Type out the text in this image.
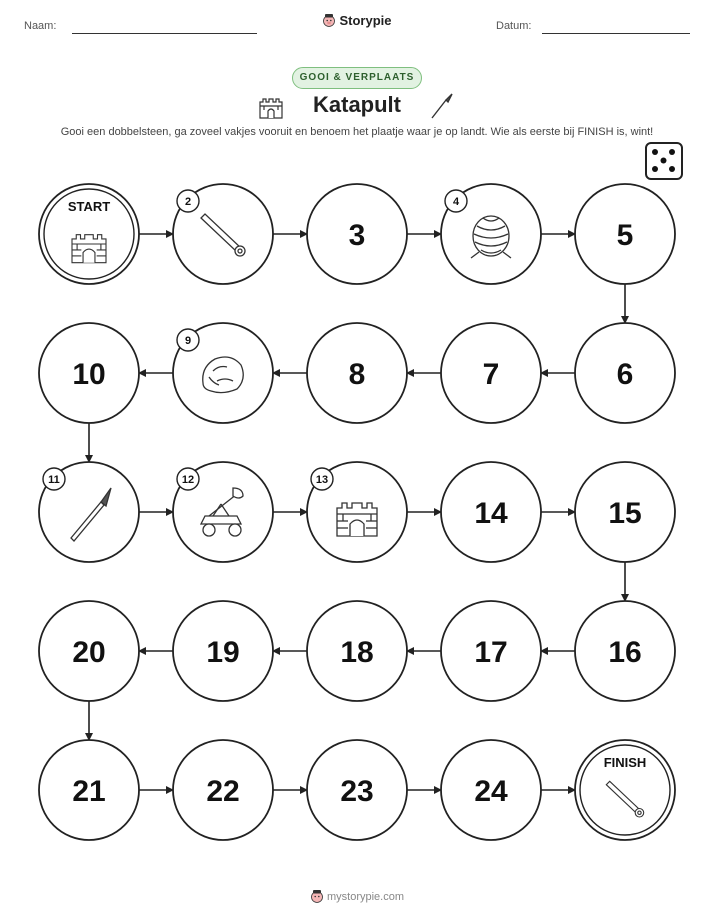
Naam:	Storypie	Datum:
GOOI & VERPLAATS
Katapult
Gooi een dobbelsteen, ga zoveel vakjes vooruit en benoem het plaatje waar je op landt. Wie als eerste bij FINISH is, wint!
START	2
3
4
5
6
7
8
9
10
11	12	13
14	15
16
17
18
19
20
21	22	23	24
FINISH
mystorypie.com
